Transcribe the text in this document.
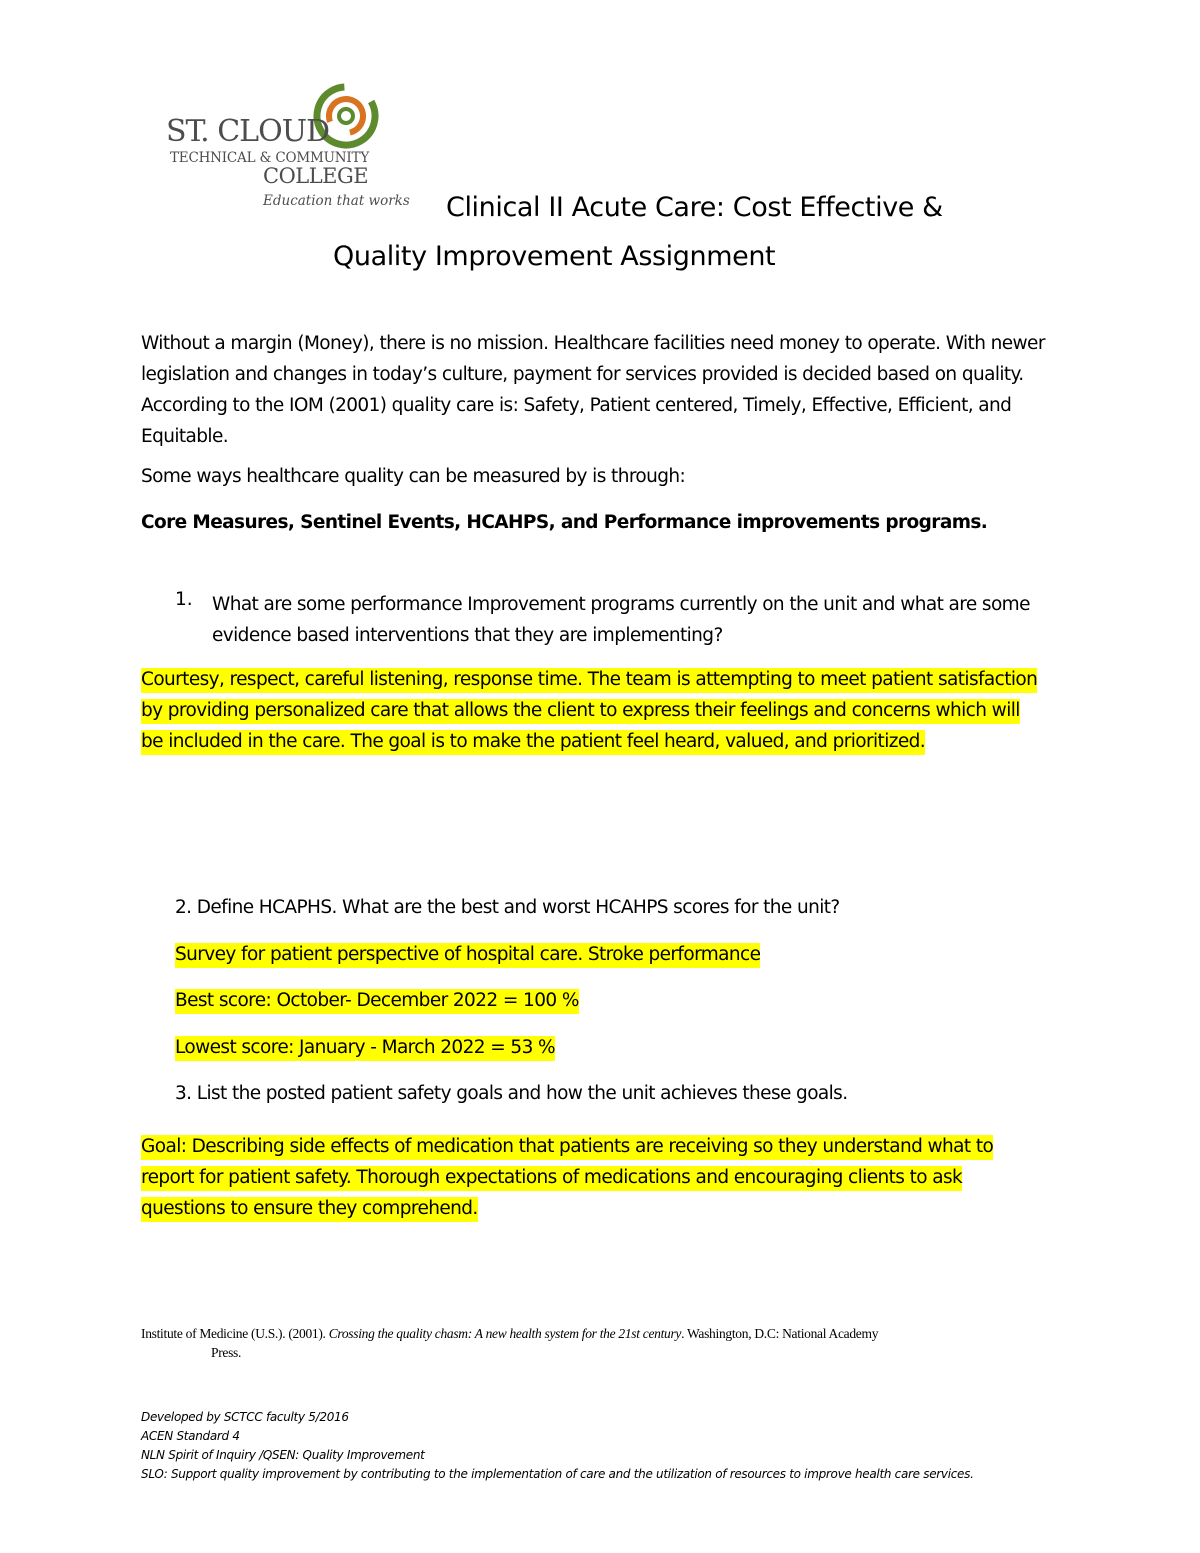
ST. CLOUD
TECHNICAL & COMMUNITY
COLLEGE
Education that works Clinical II Acute Care: Cost Effective &
Quality Improvement Assignment
Without a margin (Money), there is no mission. Healthcare facilities need money to operate. With newer legislation and changes in today’s culture, payment for services provided is decided based on quality. According to the IOM (2001) quality care is: Safety, Patient centered, Timely, Effective, Efficient, and Equitable.
Some ways healthcare quality can be measured by is through:
Core Measures, Sentinel Events, HCAHPS, and Performance improvements programs.
1. What are some performance Improvement programs currently on the unit and what are some evidence based interventions that they are implementing?
Courtesy, respect, careful listening, response time. The team is attempting to meet patient satisfaction by providing personalized care that allows the client to express their feelings and concerns which will be included in the care. The goal is to make the patient feel heard, valued, and prioritized.
2. Define HCAPHS. What are the best and worst HCAHPS scores for the unit?
Survey for patient perspective of hospital care. Stroke performance
Best score: October- December 2022 = 100 %
Lowest score: January - March 2022 = 53 %
3. List the posted patient safety goals and how the unit achieves these goals.
Goal: Describing side effects of medication that patients are receiving so they understand what to report for patient safety. Thorough expectations of medications and encouraging clients to ask questions to ensure they comprehend.
Institute of Medicine (U.S.). (2001). Crossing the quality chasm: A new health system for the 21st century. Washington, D.C: National Academy
Press.
Developed by SCTCC faculty 5/2016
ACEN Standard 4
NLN Spirit of Inquiry /QSEN: Quality Improvement
SLO: Support quality improvement by contributing to the implementation of care and the utilization of resources to improve health care services.
